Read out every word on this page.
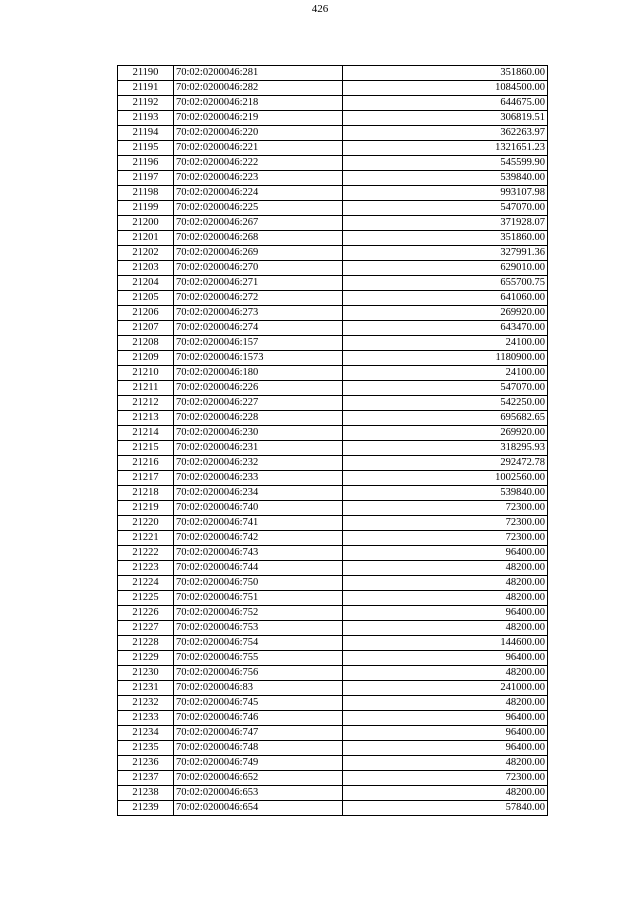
426
21190	70:02:0200046:281	351860.00
21191	70:02:0200046:282	1084500.00
21192	70:02:0200046:218	644675.00
21193	70:02:0200046:219	306819.51
21194	70:02:0200046:220	362263.97
21195	70:02:0200046:221	1321651.23
21196	70:02:0200046:222	545599.90
21197	70:02:0200046:223	539840.00
21198	70:02:0200046:224	993107.98
21199	70:02:0200046:225	547070.00
21200	70:02:0200046:267	371928.07
21201	70:02:0200046:268	351860.00
21202	70:02:0200046:269	327991.36
21203	70:02:0200046:270	629010.00
21204	70:02:0200046:271	655700.75
21205	70:02:0200046:272	641060.00
21206	70:02:0200046:273	269920.00
21207	70:02:0200046:274	643470.00
21208	70:02:0200046:157	24100.00
21209	70:02:0200046:1573	1180900.00
21210	70:02:0200046:180	24100.00
21211	70:02:0200046:226	547070.00
21212	70:02:0200046:227	542250.00
21213	70:02:0200046:228	695682.65
21214	70:02:0200046:230	269920.00
21215	70:02:0200046:231	318295.93
21216	70:02:0200046:232	292472.78
21217	70:02:0200046:233	1002560.00
21218	70:02:0200046:234	539840.00
21219	70:02:0200046:740	72300.00
21220	70:02:0200046:741	72300.00
21221	70:02:0200046:742	72300.00
21222	70:02:0200046:743	96400.00
21223	70:02:0200046:744	48200.00
21224	70:02:0200046:750	48200.00
21225	70:02:0200046:751	48200.00
21226	70:02:0200046:752	96400.00
21227	70:02:0200046:753	48200.00
21228	70:02:0200046:754	144600.00
21229	70:02:0200046:755	96400.00
21230	70:02:0200046:756	48200.00
21231	70:02:0200046:83	241000.00
21232	70:02:0200046:745	48200.00
21233	70:02:0200046:746	96400.00
21234	70:02:0200046:747	96400.00
21235	70:02:0200046:748	96400.00
21236	70:02:0200046:749	48200.00
21237	70:02:0200046:652	72300.00
21238	70:02:0200046:653	48200.00
21239	70:02:0200046:654	57840.00
